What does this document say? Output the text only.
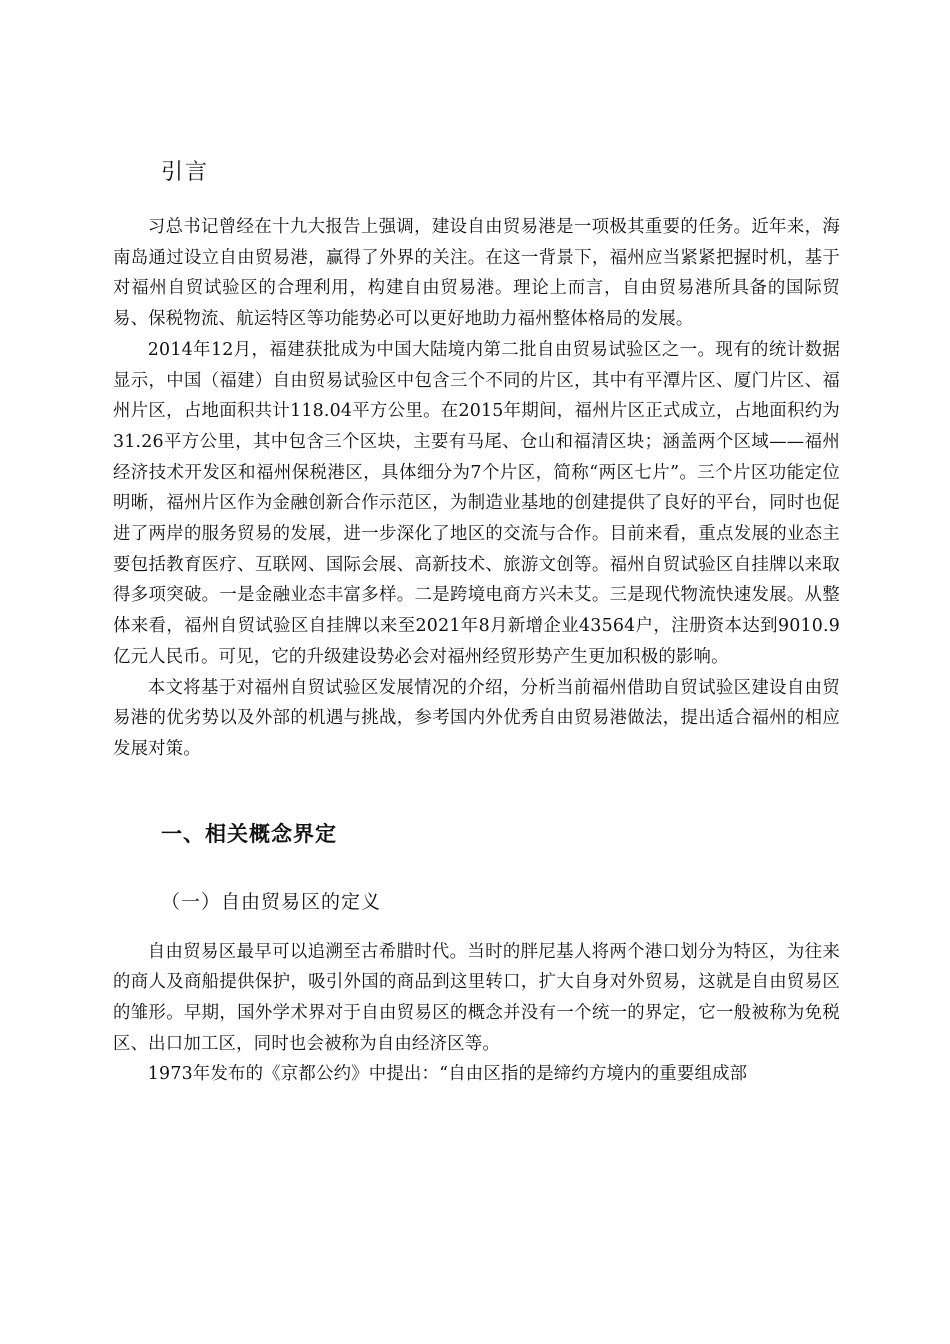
引言

习总书记曾经在十九大报告上强调，建设自由贸易港是一项极其重要的任务。近年来，海南岛通过设立自由贸易港，赢得了外界的关注。在这一背景下，福州应当紧紧把握时机，基于对福州自贸试验区的合理利用，构建自由贸易港。理论上而言，自由贸易港所具备的国际贸易、保税物流、航运特区等功能势必可以更好地助力福州整体格局的发展。

2014年12月，福建获批成为中国大陆境内第二批自由贸易试验区之一。现有的统计数据显示，中国（福建）自由贸易试验区中包含三个不同的片区，其中有平潭片区、厦门片区、福州片区，占地面积共计118.04平方公里。在2015年期间，福州片区正式成立，占地面积约为31.26平方公里，其中包含三个区块，主要有马尾、仓山和福清区块；涵盖两个区域——福州经济技术开发区和福州保税港区，具体细分为7个片区，简称“两区七片”。三个片区功能定位明晰，福州片区作为金融创新合作示范区，为制造业基地的创建提供了良好的平台，同时也促进了两岸的服务贸易的发展，进一步深化了地区的交流与合作。目前来看，重点发展的业态主要包括教育医疗、互联网、国际会展、高新技术、旅游文创等。福州自贸试验区自挂牌以来取得多项突破。一是金融业态丰富多样。二是跨境电商方兴未艾。三是现代物流快速发展。从整体来看，福州自贸试验区自挂牌以来至2021年8月新增企业43564户，注册资本达到9010.9亿元人民币。可见，它的升级建设势必会对福州经贸形势产生更加积极的影响。

本文将基于对福州自贸试验区发展情况的介绍，分析当前福州借助自贸试验区建设自由贸易港的优劣势以及外部的机遇与挑战，参考国内外优秀自由贸易港做法，提出适合福州的相应发展对策。

一、相关概念界定
（一）自由贸易区的定义

自由贸易区最早可以追溯至古希腊时代。当时的胖尼基人将两个港口划分为特区，为往来的商人及商船提供保护，吸引外国的商品到这里转口，扩大自身对外贸易，这就是自由贸易区的雏形。早期，国外学术界对于自由贸易区的概念并没有一个统一的界定，它一般被称为免税区、出口加工区，同时也会被称为自由经济区等。

1973年发布的《京都公约》中提出：“自由区指的是缔约方境内的重要组成部
